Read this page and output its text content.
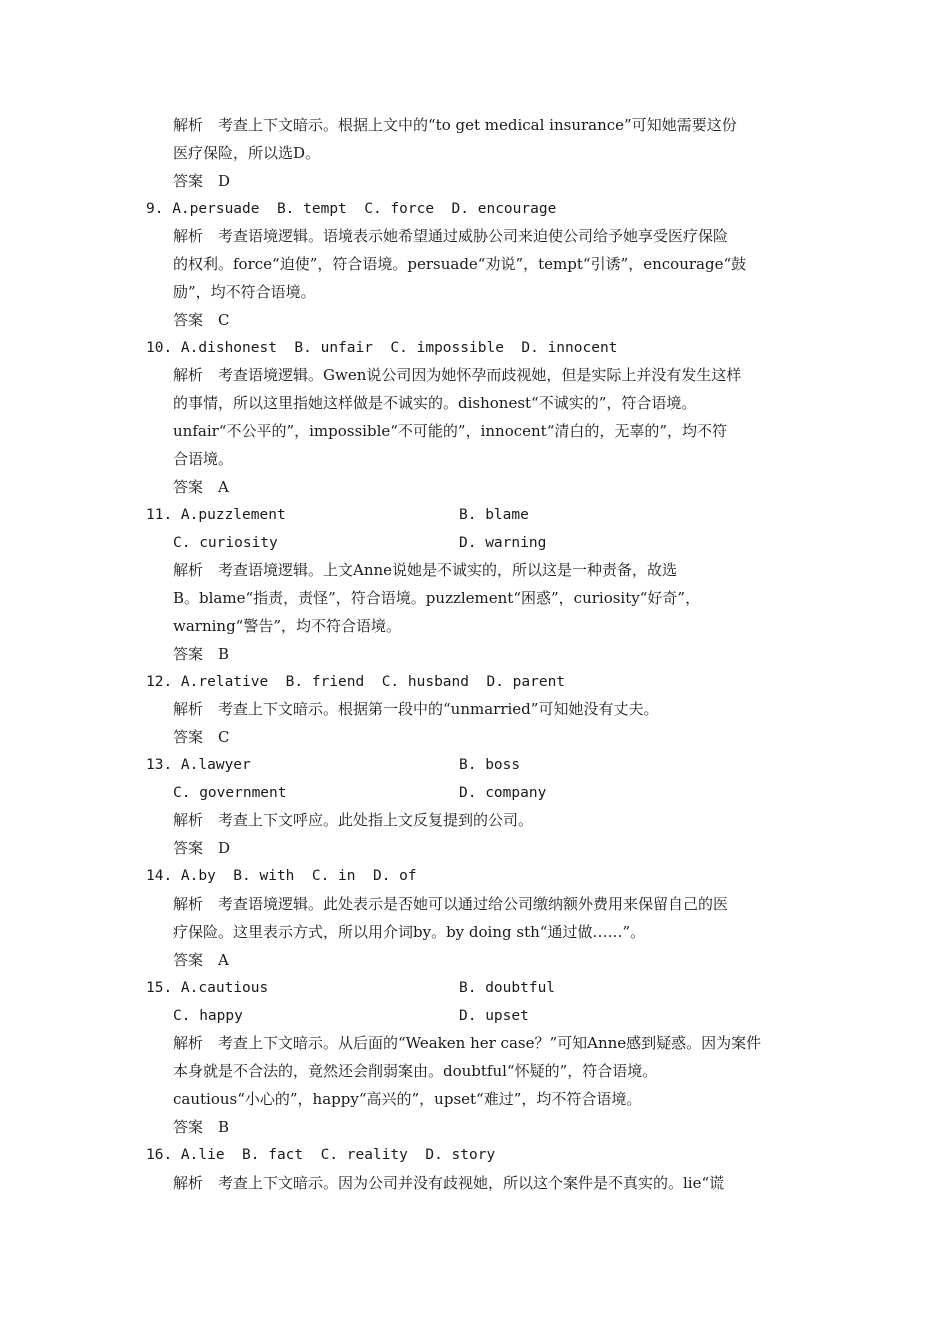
解析　考查上下文暗示。根据上文中的“to get medical insurance”可知她需要这份
医疗保险，所以选D。
答案　D
9. A.persuade  B. tempt  C. force  D. encourage
解析　考查语境逻辑。语境表示她希望通过威胁公司来迫使公司给予她享受医疗保险
的权利。force“迫使”，符合语境。persuade“劝说”，tempt“引诱”，encourage“鼓
励”，均不符合语境。
答案　C
10. A.dishonest  B. unfair  C. impossible  D. innocent
解析　考查语境逻辑。Gwen说公司因为她怀孕而歧视她，但是实际上并没有发生这样
的事情，所以这里指她这样做是不诚实的。dishonest“不诚实的”，符合语境。
unfair“不公平的”，impossible“不可能的”，innocent“清白的，无辜的”，均不符
合语境。
答案　A
11. A.puzzlement	B. blame
C. curiosity	D. warning
解析　考查语境逻辑。上文Anne说她是不诚实的，所以这是一种责备，故选
B。blame“指责，责怪”，符合语境。puzzlement“困惑”，curiosity“好奇”，
warning“警告”，均不符合语境。
答案　B
12. A.relative  B. friend  C. husband  D. parent
解析　考查上下文暗示。根据第一段中的“unmarried”可知她没有丈夫。
答案　C
13. A.lawyer	B. boss
C. government	D. company
解析　考查上下文呼应。此处指上文反复提到的公司。
答案　D
14. A.by  B. with  C. in  D. of
解析　考查语境逻辑。此处表示是否她可以通过给公司缴纳额外费用来保留自己的医
疗保险。这里表示方式，所以用介词by。by doing sth“通过做……”。
答案　A
15. A.cautious	B. doubtful
C. happy	D. upset
解析　考查上下文暗示。从后面的“Weaken her case？”可知Anne感到疑惑。因为案件
本身就是不合法的，竟然还会削弱案由。doubtful“怀疑的”，符合语境。
cautious“小心的”，happy“高兴的”，upset“难过”，均不符合语境。
答案　B
16. A.lie  B. fact  C. reality  D. story
解析　考查上下文暗示。因为公司并没有歧视她，所以这个案件是不真实的。lie“谎
